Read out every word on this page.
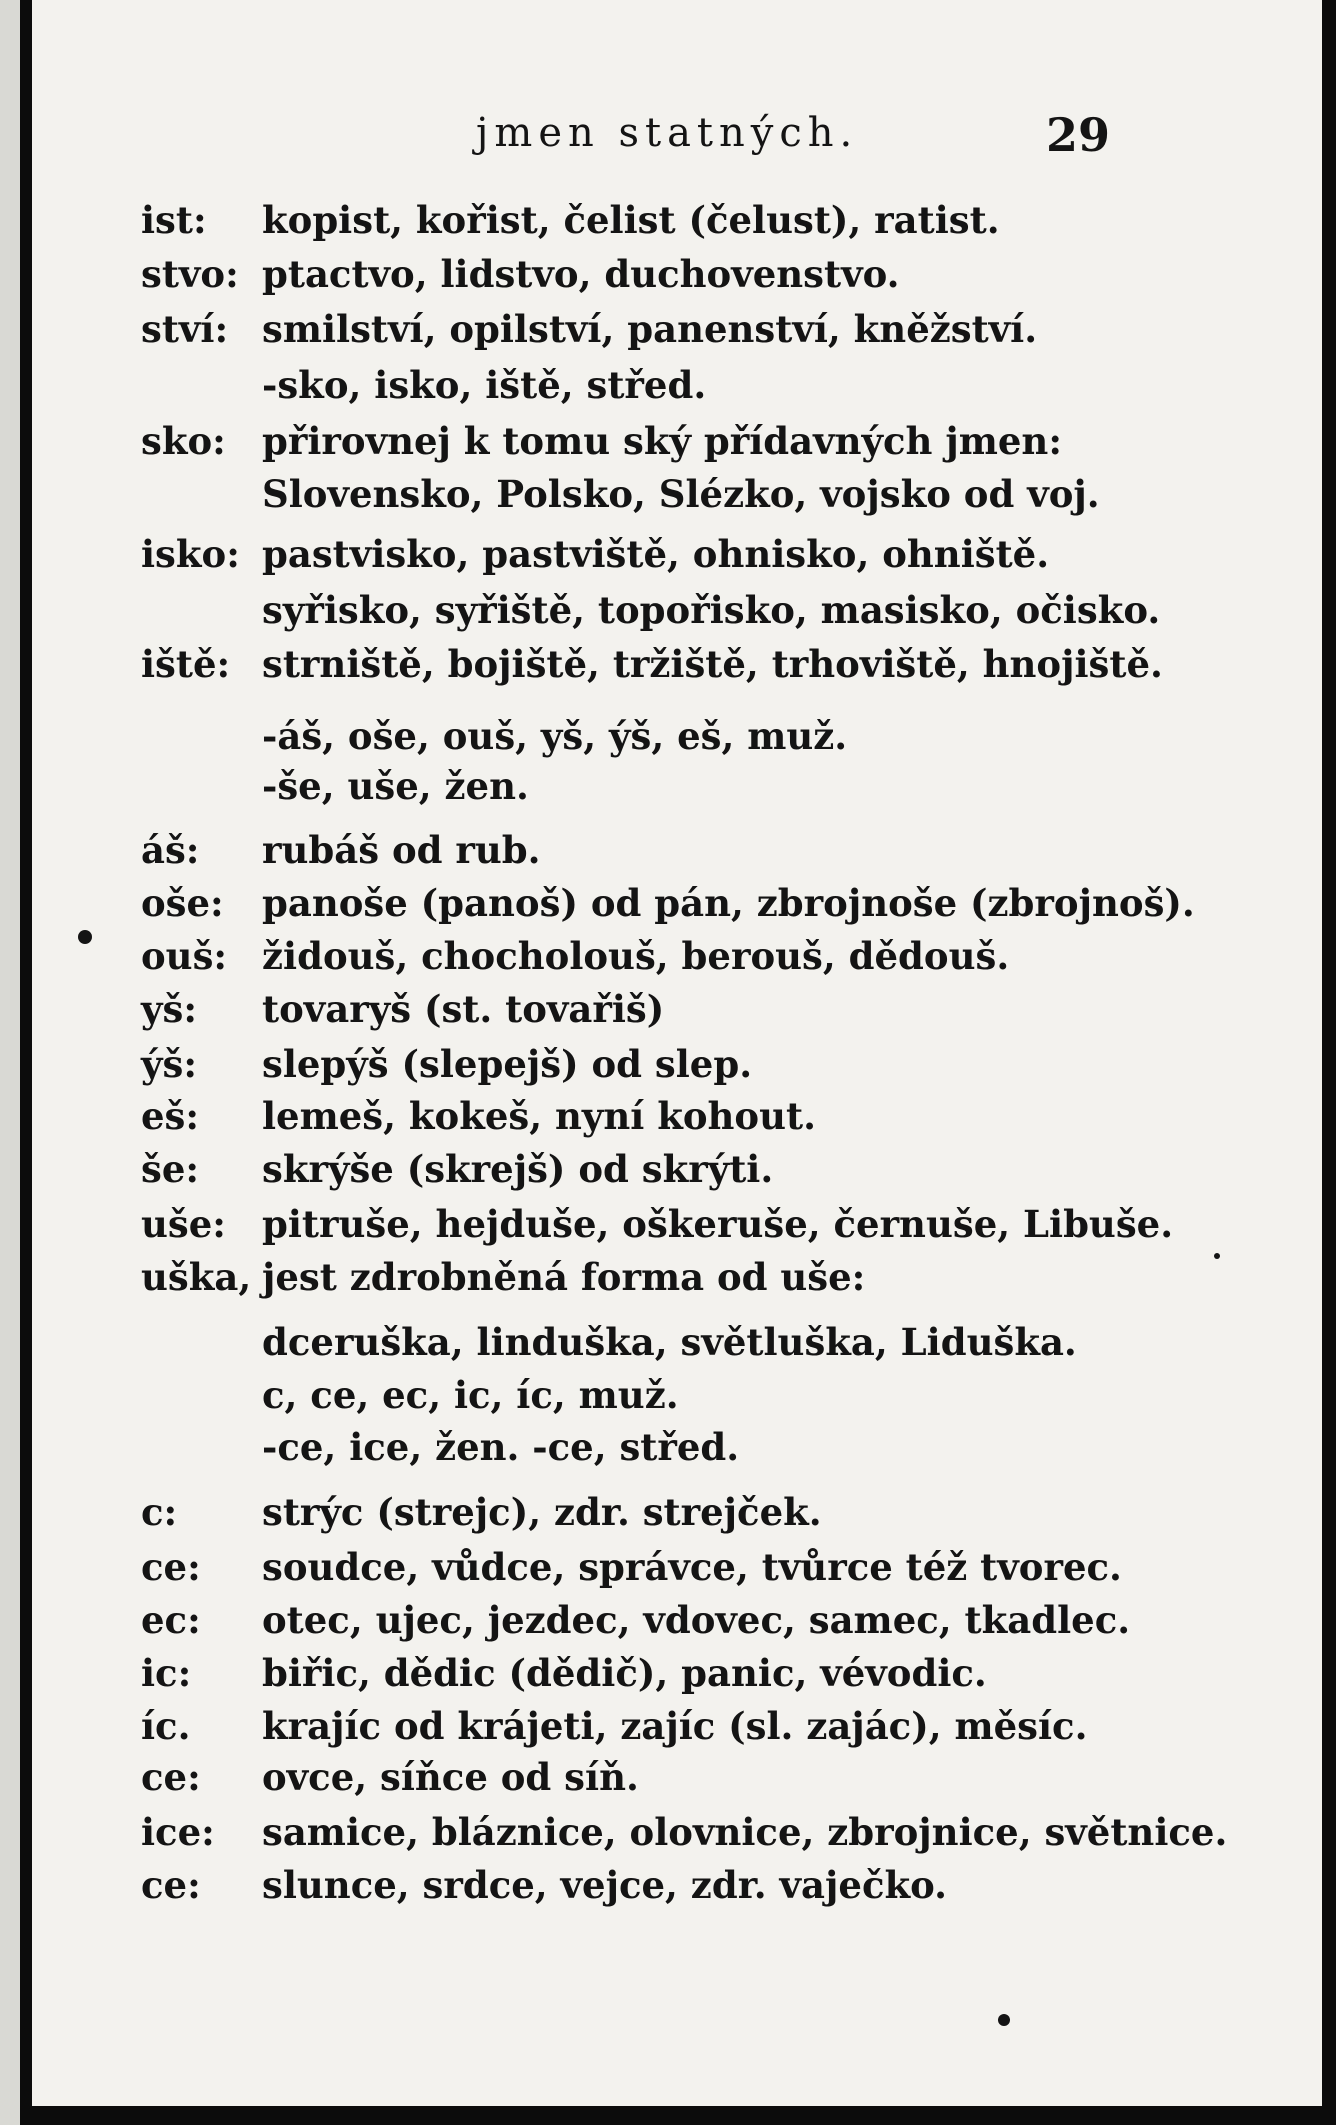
jmen statných.	29
ist: kopist, kořist, čelist (čelust), ratist.
stvo: ptactvo, lidstvo, duchovenstvo.
ství: smilství, opilství, panenství, kněžství.
-sko, isko, iště, střed.
sko: přirovnej k tomu ský přídavných jmen:
Slovensko, Polsko, Slézko, vojsko od voj.
isko: pastvisko, pastviště, ohnisko, ohniště.
syřisko, syřiště, topořisko, masisko, očisko.
iště: strniště, bojiště, tržiště, trhoviště, hnojiště.
-áš, oše, ouš, yš, ýš, eš, muž.
-še, uše, žen.
áš: rubáš od rub.
oše: panoše (panoš) od pán, zbrojnoše (zbrojnoš).
ouš: židouš, chocholouš, berouš, dědouš.
yš: tovaryš (st. tovařiš)
ýš: slepýš (slepejš) od slep.
eš: lemeš, kokeš, nyní kohout.
še: skrýše (skrejš) od skrýti.
uše: pitruše, hejduše, oškeruše, černuše, Libuše.
uška, jest zdrobněná forma od uše:
dceruška, linduška, světluška, Liduška.
c, ce, ec, ic, íc, muž.
-ce, ice, žen. -ce, střed.
c: strýc (strejc), zdr. strejček.
ce: soudce, vůdce, správce, tvůrce též tvorec.
ec: otec, ujec, jezdec, vdovec, samec, tkadlec.
ic: biřic, dědic (dědič), panic, vévodic.
íc. krajíc od krájeti, zajíc (sl. zajác), měsíc.
ce: ovce, síňce od síň.
ice: samice, bláznice, olovnice, zbrojnice, světnice.
ce: slunce, srdce, vejce, zdr. vaječko.
